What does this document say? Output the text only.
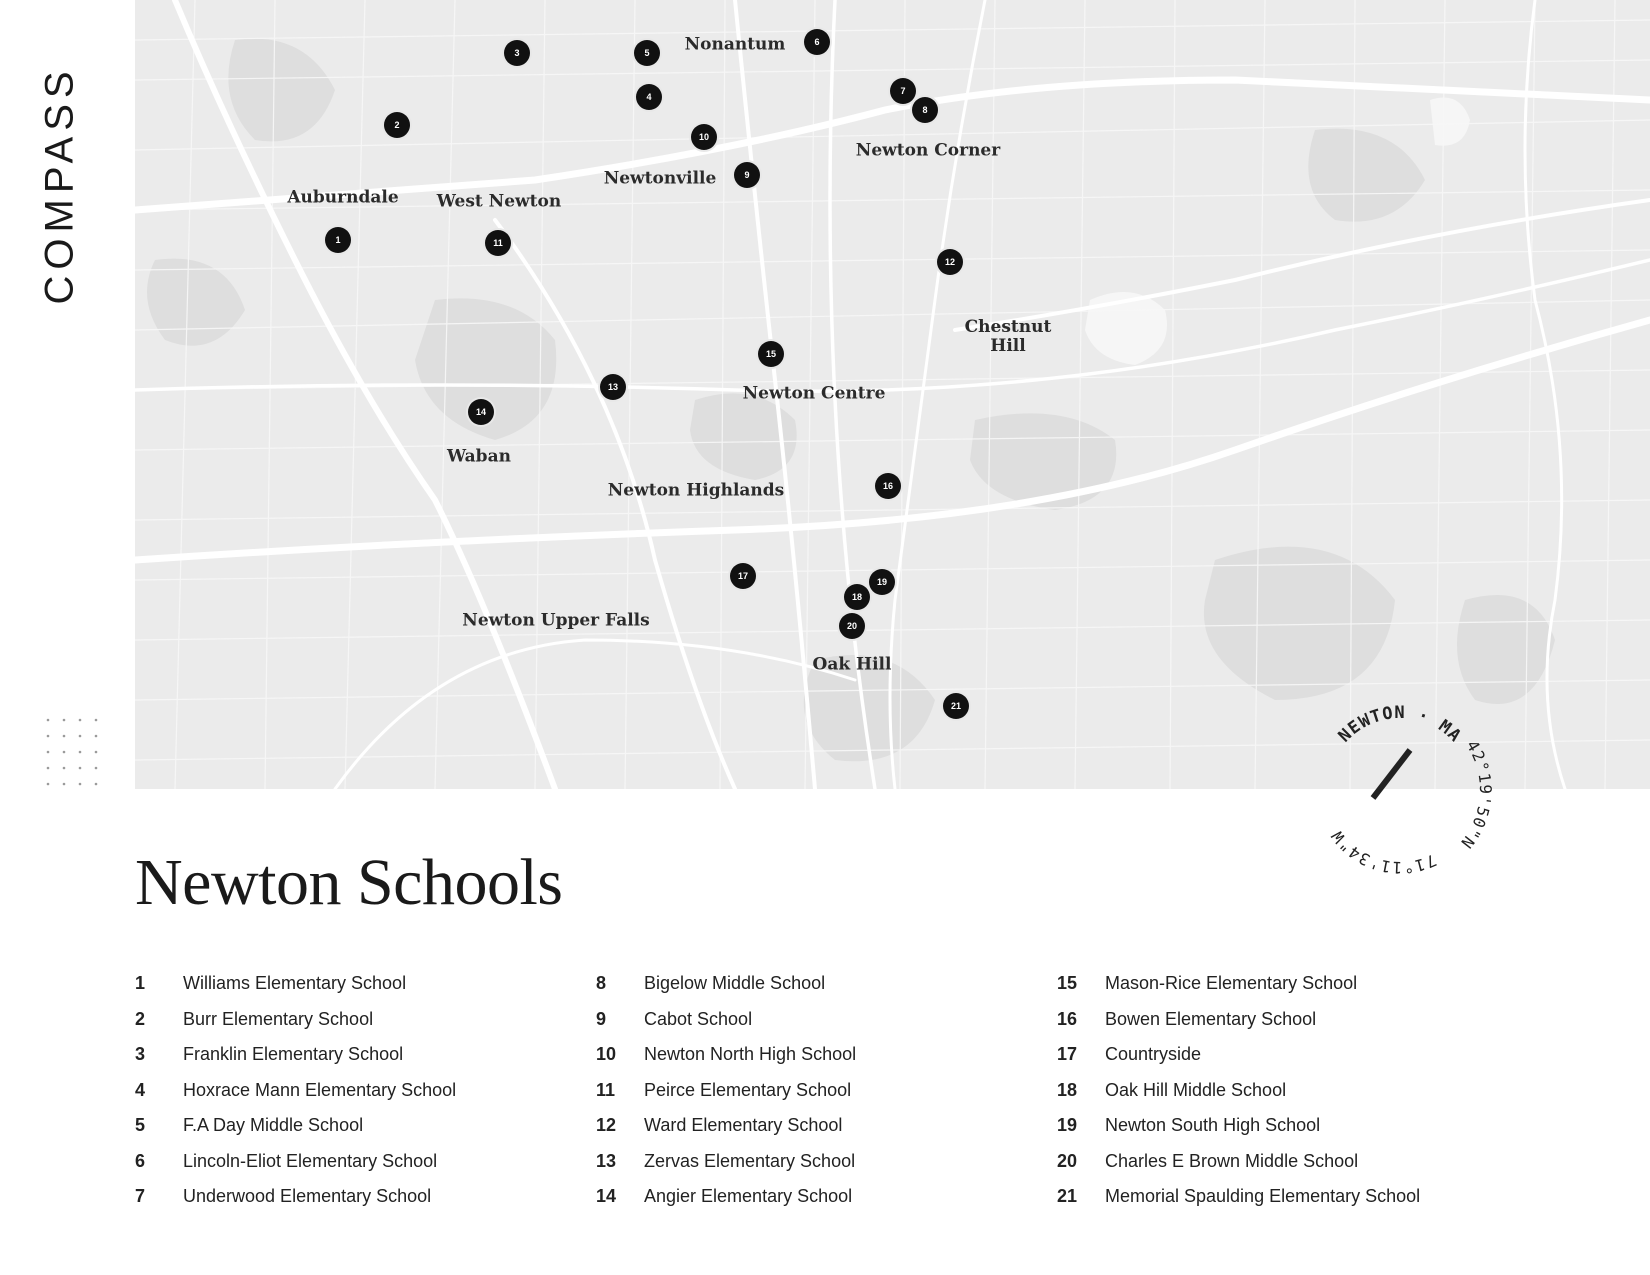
COMPASS
Nonantum
Newton Corner
Newtonville
Auburndale West Newton
Chestnut
Hill
Newton Centre
Waban
Newton Highlands
Newton Upper Falls
Oak Hill
1
2
3
4
5
6
7
8
9
10
11
12
13
14
15
16
17
18
19
20
21
NEWTON · MA
42°19'50"N
71°11'34"W
Newton Schools
1	Williams Elementary School
2	Burr Elementary School
3	Franklin Elementary School
4	Hoxrace Mann Elementary School
5	F.A Day Middle School
6	Lincoln-Eliot Elementary School
7	Underwood Elementary School
8	Bigelow Middle School
9	Cabot School
10	Newton North High School
11	Peirce Elementary School
12	Ward Elementary School
13	Zervas Elementary School
14	Angier Elementary School
15	Mason-Rice Elementary School
16	Bowen Elementary School
17	Countryside
18	Oak Hill Middle School
19	Newton South High School
20	Charles E Brown Middle School
21	Memorial Spaulding Elementary School
